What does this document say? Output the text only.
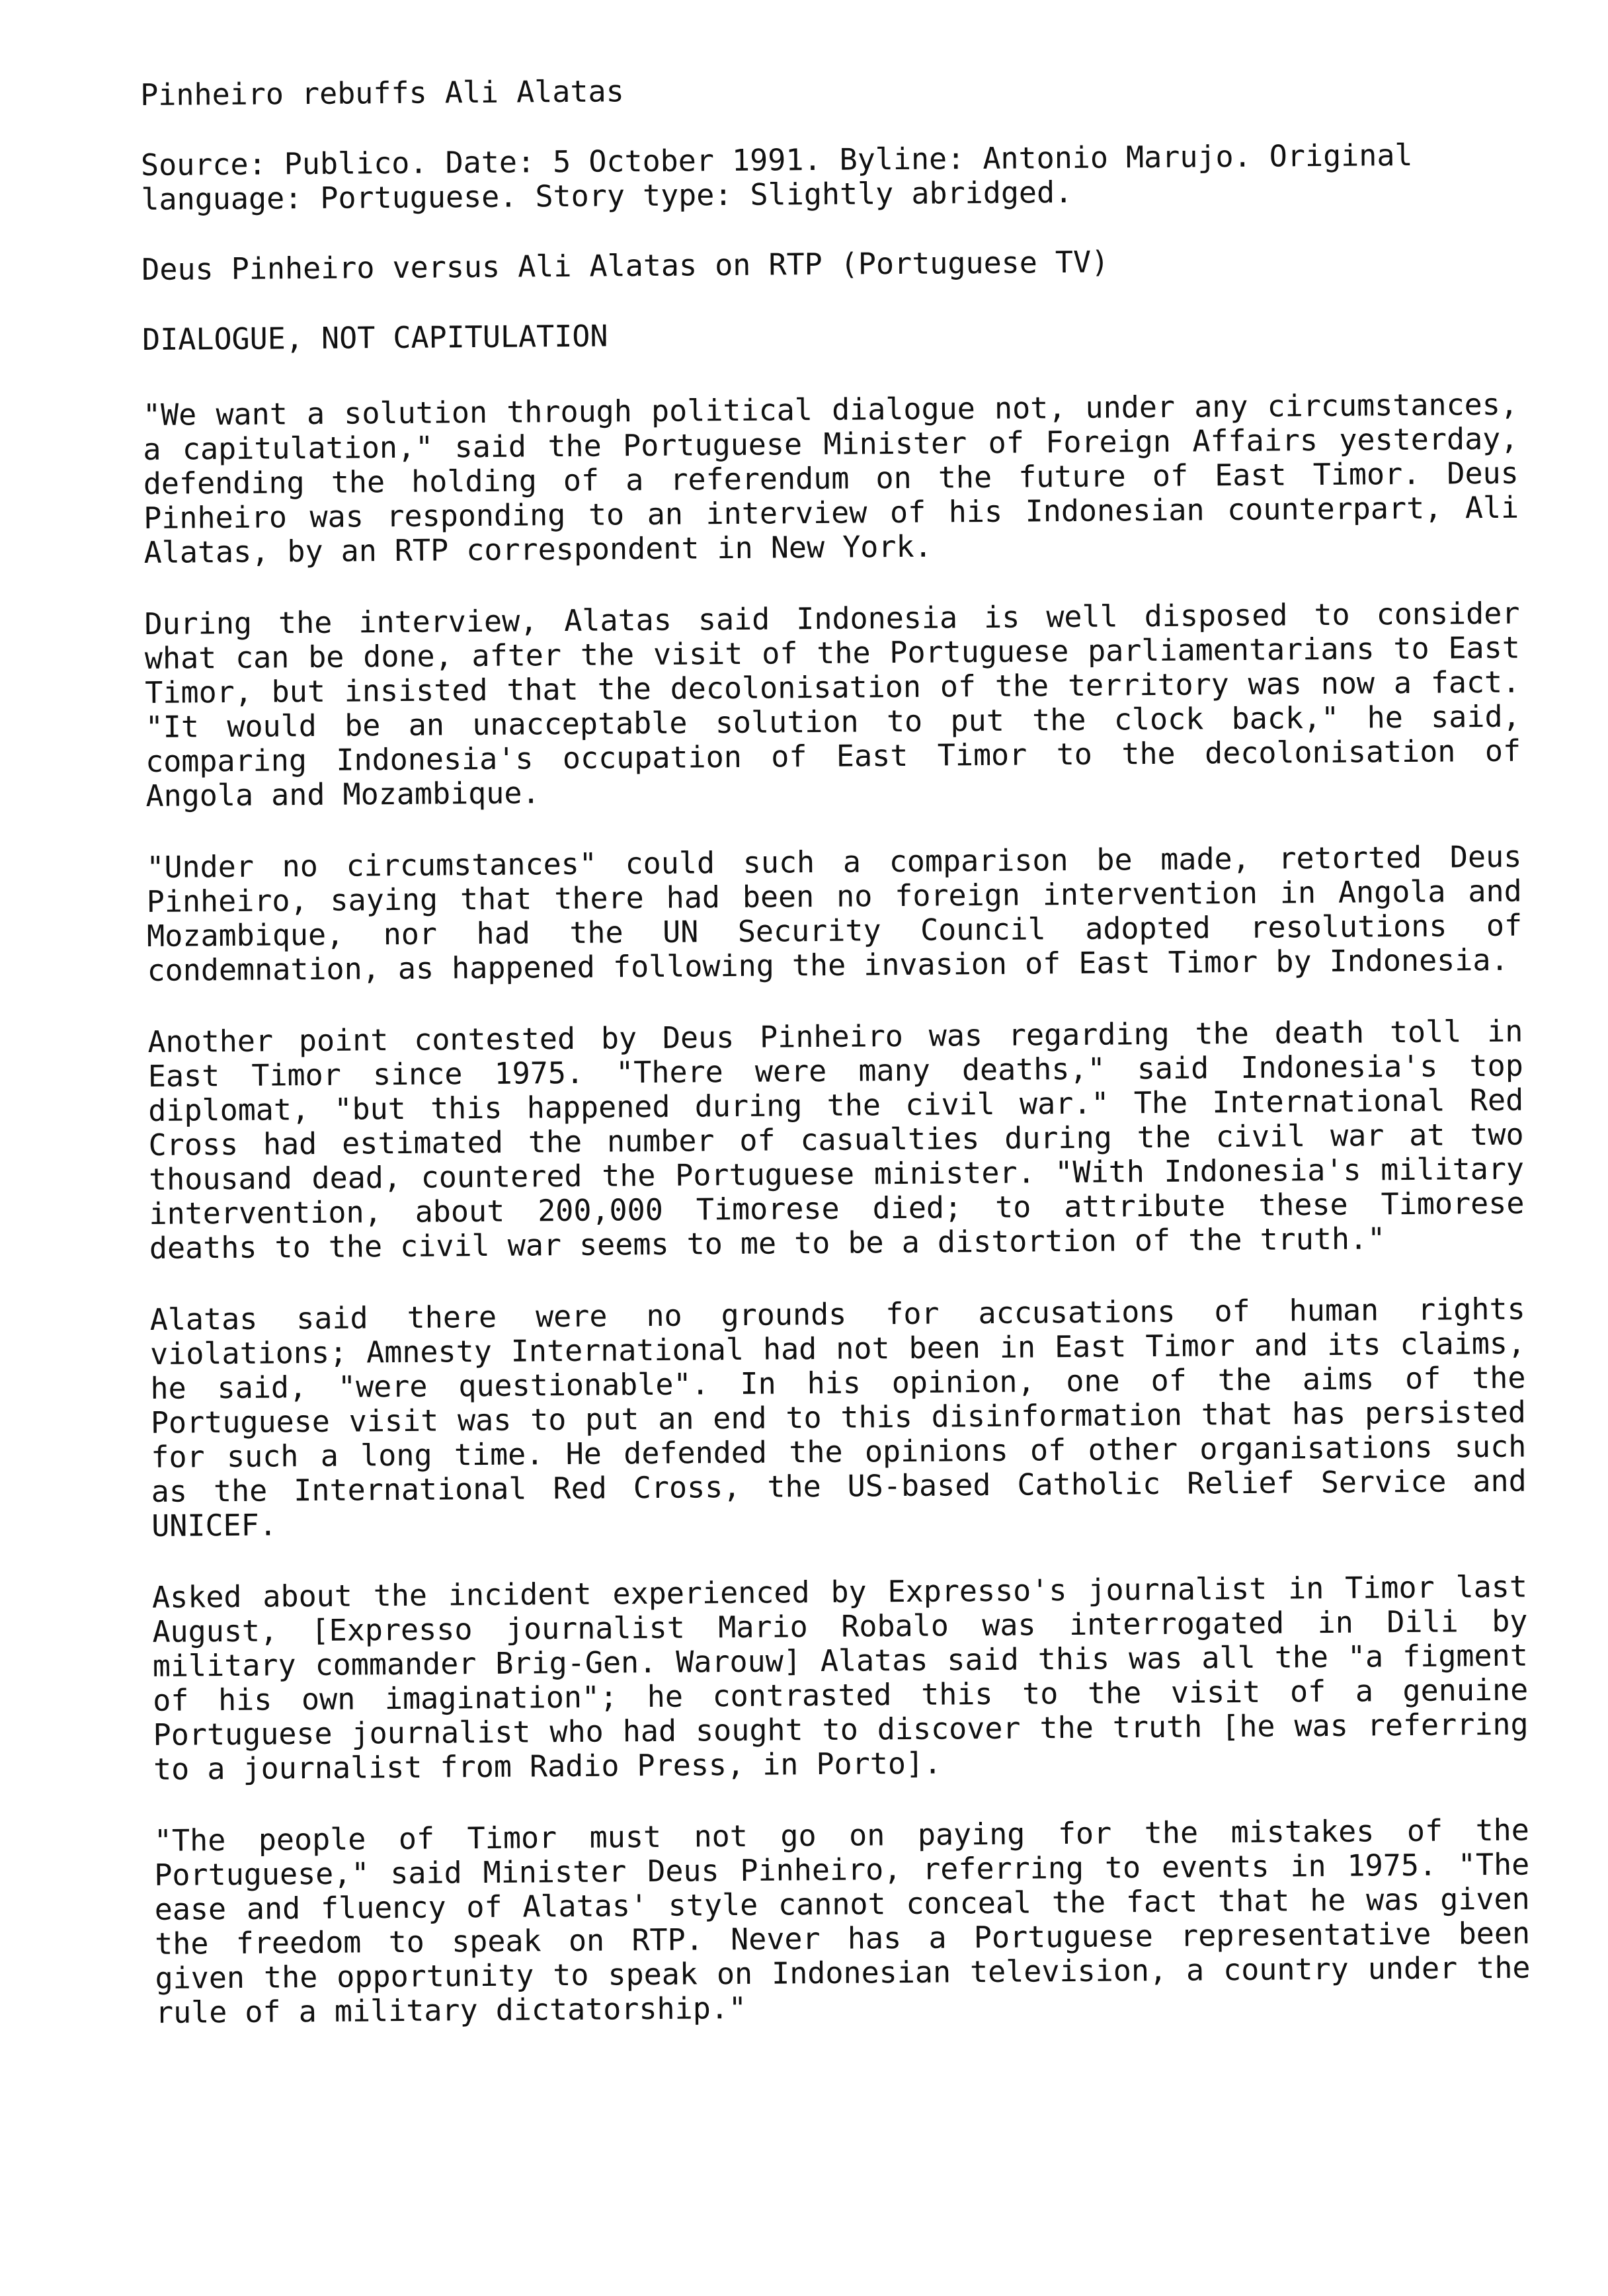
Pinheiro rebuffs Ali Alatas
Source: Publico. Date: 5 October 1991. Byline: Antonio Marujo. Original language: Portuguese. Story type: Slightly abridged.
Deus Pinheiro versus Ali Alatas on RTP (Portuguese TV)
DIALOGUE, NOT CAPITULATION

"We want a solution through political dialogue not, under any circumstances, a capitulation," said the Portuguese Minister of Foreign Affairs yesterday, defending the holding of a referendum on the future of East Timor. Deus Pinheiro was responding to an interview of his Indonesian counterpart, Ali Alatas, by an RTP correspondent in New York.

During the interview, Alatas said Indonesia is well disposed to consider what can be done, after the visit of the Portuguese parliamentarians to East Timor, but insisted that the decolonisation of the territory was now a fact. "It would be an unacceptable solution to put the clock back," he said, comparing Indonesia's occupation of East Timor to the decolonisation of Angola and Mozambique.

"Under no circumstances" could such a comparison be made, retorted Deus Pinheiro, saying that there had been no foreign intervention in Angola and Mozambique, nor had the UN Security Council adopted resolutions of condemnation, as happened following the invasion of East Timor by Indonesia.

Another point contested by Deus Pinheiro was regarding the death toll in East Timor since 1975. "There were many deaths," said Indonesia's top diplomat, "but this happened during the civil war." The International Red Cross had estimated the number of casualties during the civil war at two thousand dead, countered the Portuguese minister. "With Indonesia's military intervention, about 200,000 Timorese died; to attribute these Timorese deaths to the civil war seems to me to be a distortion of the truth."

Alatas said there were no grounds for accusations of human rights violations; Amnesty International had not been in East Timor and its claims, he said, "were questionable". In his opinion, one of the aims of the Portuguese visit was to put an end to this disinformation that has persisted for such a long time. He defended the opinions of other organisations such as the International Red Cross, the US-based Catholic Relief Service and UNICEF.

Asked about the incident experienced by Expresso's journalist in Timor last August, [Expresso journalist Mario Robalo was interrogated in Dili by military commander Brig-Gen. Warouw] Alatas said this was all the "a figment of his own imagination"; he contrasted this to the visit of a genuine Portuguese journalist who had sought to discover the truth [he was referring to a journalist from Radio Press, in Porto].

"The people of Timor must not go on paying for the mistakes of the Portuguese," said Minister Deus Pinheiro, referring to events in 1975. "The ease and fluency of Alatas' style cannot conceal the fact that he was given the freedom to speak on RTP. Never has a Portuguese representative been given the opportunity to speak on Indonesian television, a country under the rule of a military dictatorship."
